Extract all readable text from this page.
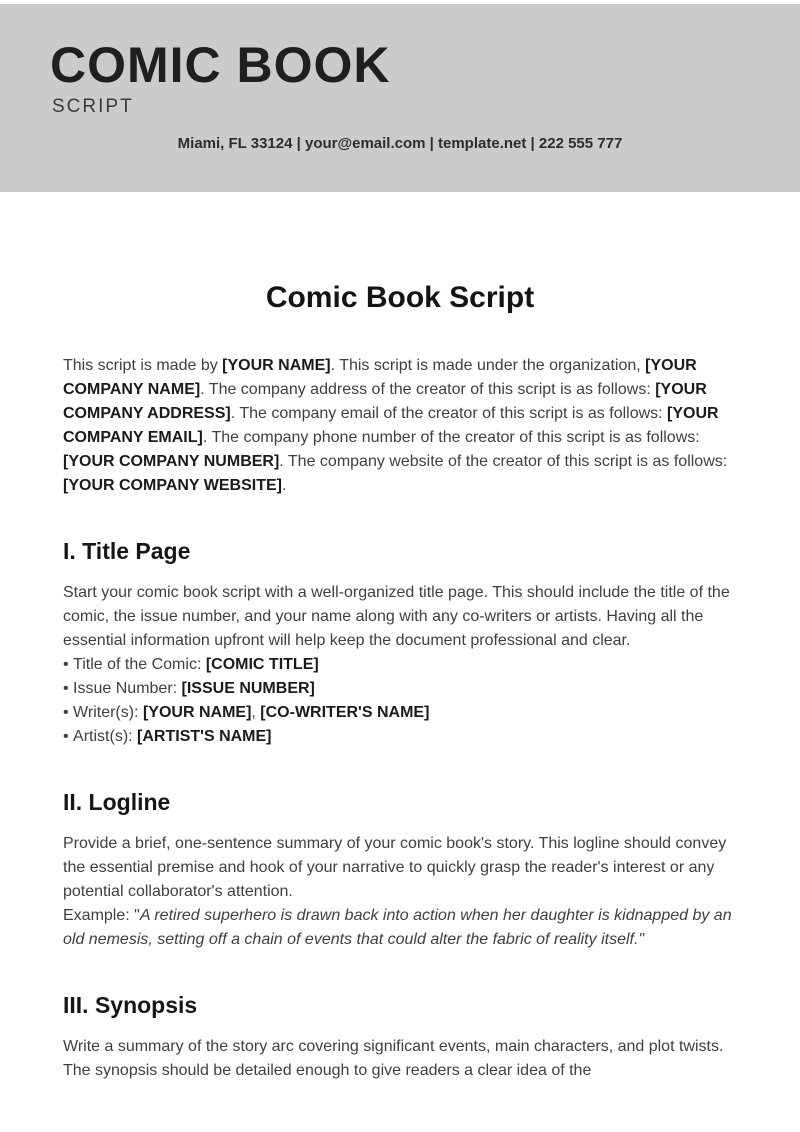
COMIC BOOK
SCRIPT
Miami, FL 33124 | your@email.com | template.net | 222 555 777
Comic Book Script

This script is made by [YOUR NAME]. This script is made under the organization, [YOUR COMPANY NAME]. The company address of the creator of this script is as follows: [YOUR COMPANY ADDRESS]. The company email of the creator of this script is as follows: [YOUR COMPANY EMAIL]. The company phone number of the creator of this script is as follows: [YOUR COMPANY NUMBER]. The company website of the creator of this script is as follows: [YOUR COMPANY WEBSITE].

I. Title Page

Start your comic book script with a well-organized title page. This should include the title of the comic, the issue number, and your name along with any co-writers or artists. Having all the essential information upfront will help keep the document professional and clear.

• Title of the Comic: [COMIC TITLE]
• Issue Number: [ISSUE NUMBER]
• Writer(s): [YOUR NAME], [CO-WRITER'S NAME]
• Artist(s): [ARTIST'S NAME]
II. Logline

Provide a brief, one-sentence summary of your comic book's story. This logline should convey the essential premise and hook of your narrative to quickly grasp the reader's interest or any potential collaborator's attention.

Example: "A retired superhero is drawn back into action when her daughter is kidnapped by an old nemesis, setting off a chain of events that could alter the fabric of reality itself."

III. Synopsis

Write a summary of the story arc covering significant events, main characters, and plot twists. The synopsis should be detailed enough to give readers a clear idea of the
